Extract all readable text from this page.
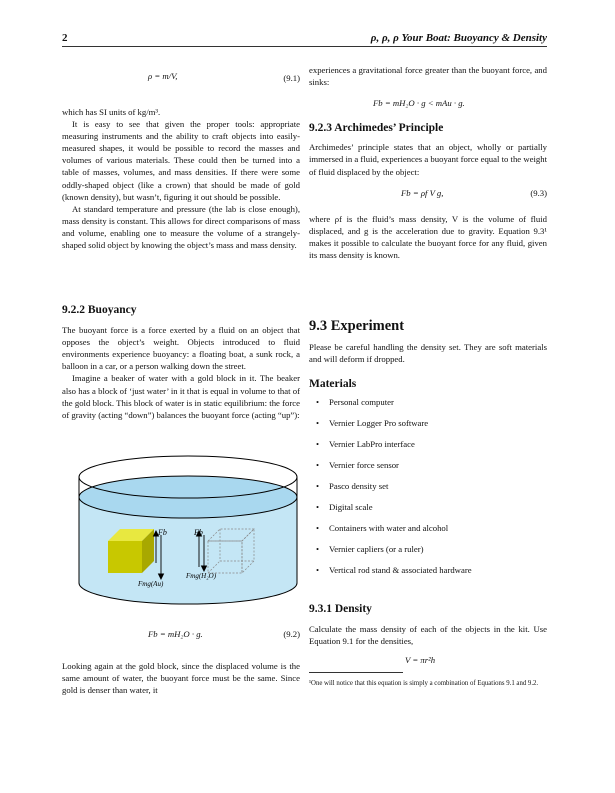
2	ρ, ρ, ρ Your Boat: Buoyancy & Density
ρ = m/V,	(9.1)

which has SI units of kg/m³.

It is easy to see that given the proper tools: appropriate measuring instruments and the ability to craft objects into easily-measured shapes, it would be possible to record the masses and volumes of various materials. These could then be turned into a table of masses, volumes, and mass densities. If there were some oddly-shaped object (like a crown) that should be made of gold (known density), but wasn’t, figuring it out should be possible.

At standard temperature and pressure (the lab is close enough), mass density is constant. This allows for direct comparisons of mass and volume, enabling one to measure the volume of a strangely-shaped solid object by knowing the object’s mass and mass density.

9.2.2 Buoyancy

The buoyant force is a force exerted by a fluid on an object that opposes the object’s weight. Objects introduced to fluid environments experience buoyancy: a floating boat, a sunk rock, a balloon in a car, or a person walking down the street.

Imagine a beaker of water with a gold block in it. The beaker also has a block of ‘just water’ in it that is equal in volume to that of the gold block. This block of water is in static equilibrium: the force of gravity (acting “down”) balances the buoyant force (acting “up”):

Fb	Fb
Fmg(Au)
Fmg(H₂O)
Fb = mH₂O · g.	(9.2)

Looking again at the gold block, since the displaced volume is the same amount of water, the buoyant force must be the same. Since gold is denser than water, it

experiences a gravitational force greater than the buoyant force, and sinks:

Fb = mH₂O · g < mAu · g.

9.2.3 Archimedes’ Principle

Archimedes’ principle states that an object, wholly or partially immersed in a fluid, experiences a buoyant force equal to the weight of fluid displaced by the object:

Fb = ρf V g,	(9.3)

where ρf is the fluid’s mass density, V is the volume of fluid displaced, and g is the acceleration due to gravity. Equation 9.3¹ makes it possible to calculate the buoyant force for any fluid, given its mass density is known.

9.3 Experiment

Please be careful handling the density set. They are soft materials and will deform if dropped.

Materials
• Personal computer
• Vernier Logger Pro software
• Vernier LabPro interface
• Vernier force sensor
• Pasco density set
• Digital scale
• Containers with water and alcohol
• Vernier capliers (or a ruler)
• Vertical rod stand & associated hardware
9.3.1 Density

Calculate the mass density of each of the objects in the kit. Use Equation 9.1 for the densities,

V = πr²h

¹One will notice that this equation is simply a combination of Equations 9.1 and 9.2.
